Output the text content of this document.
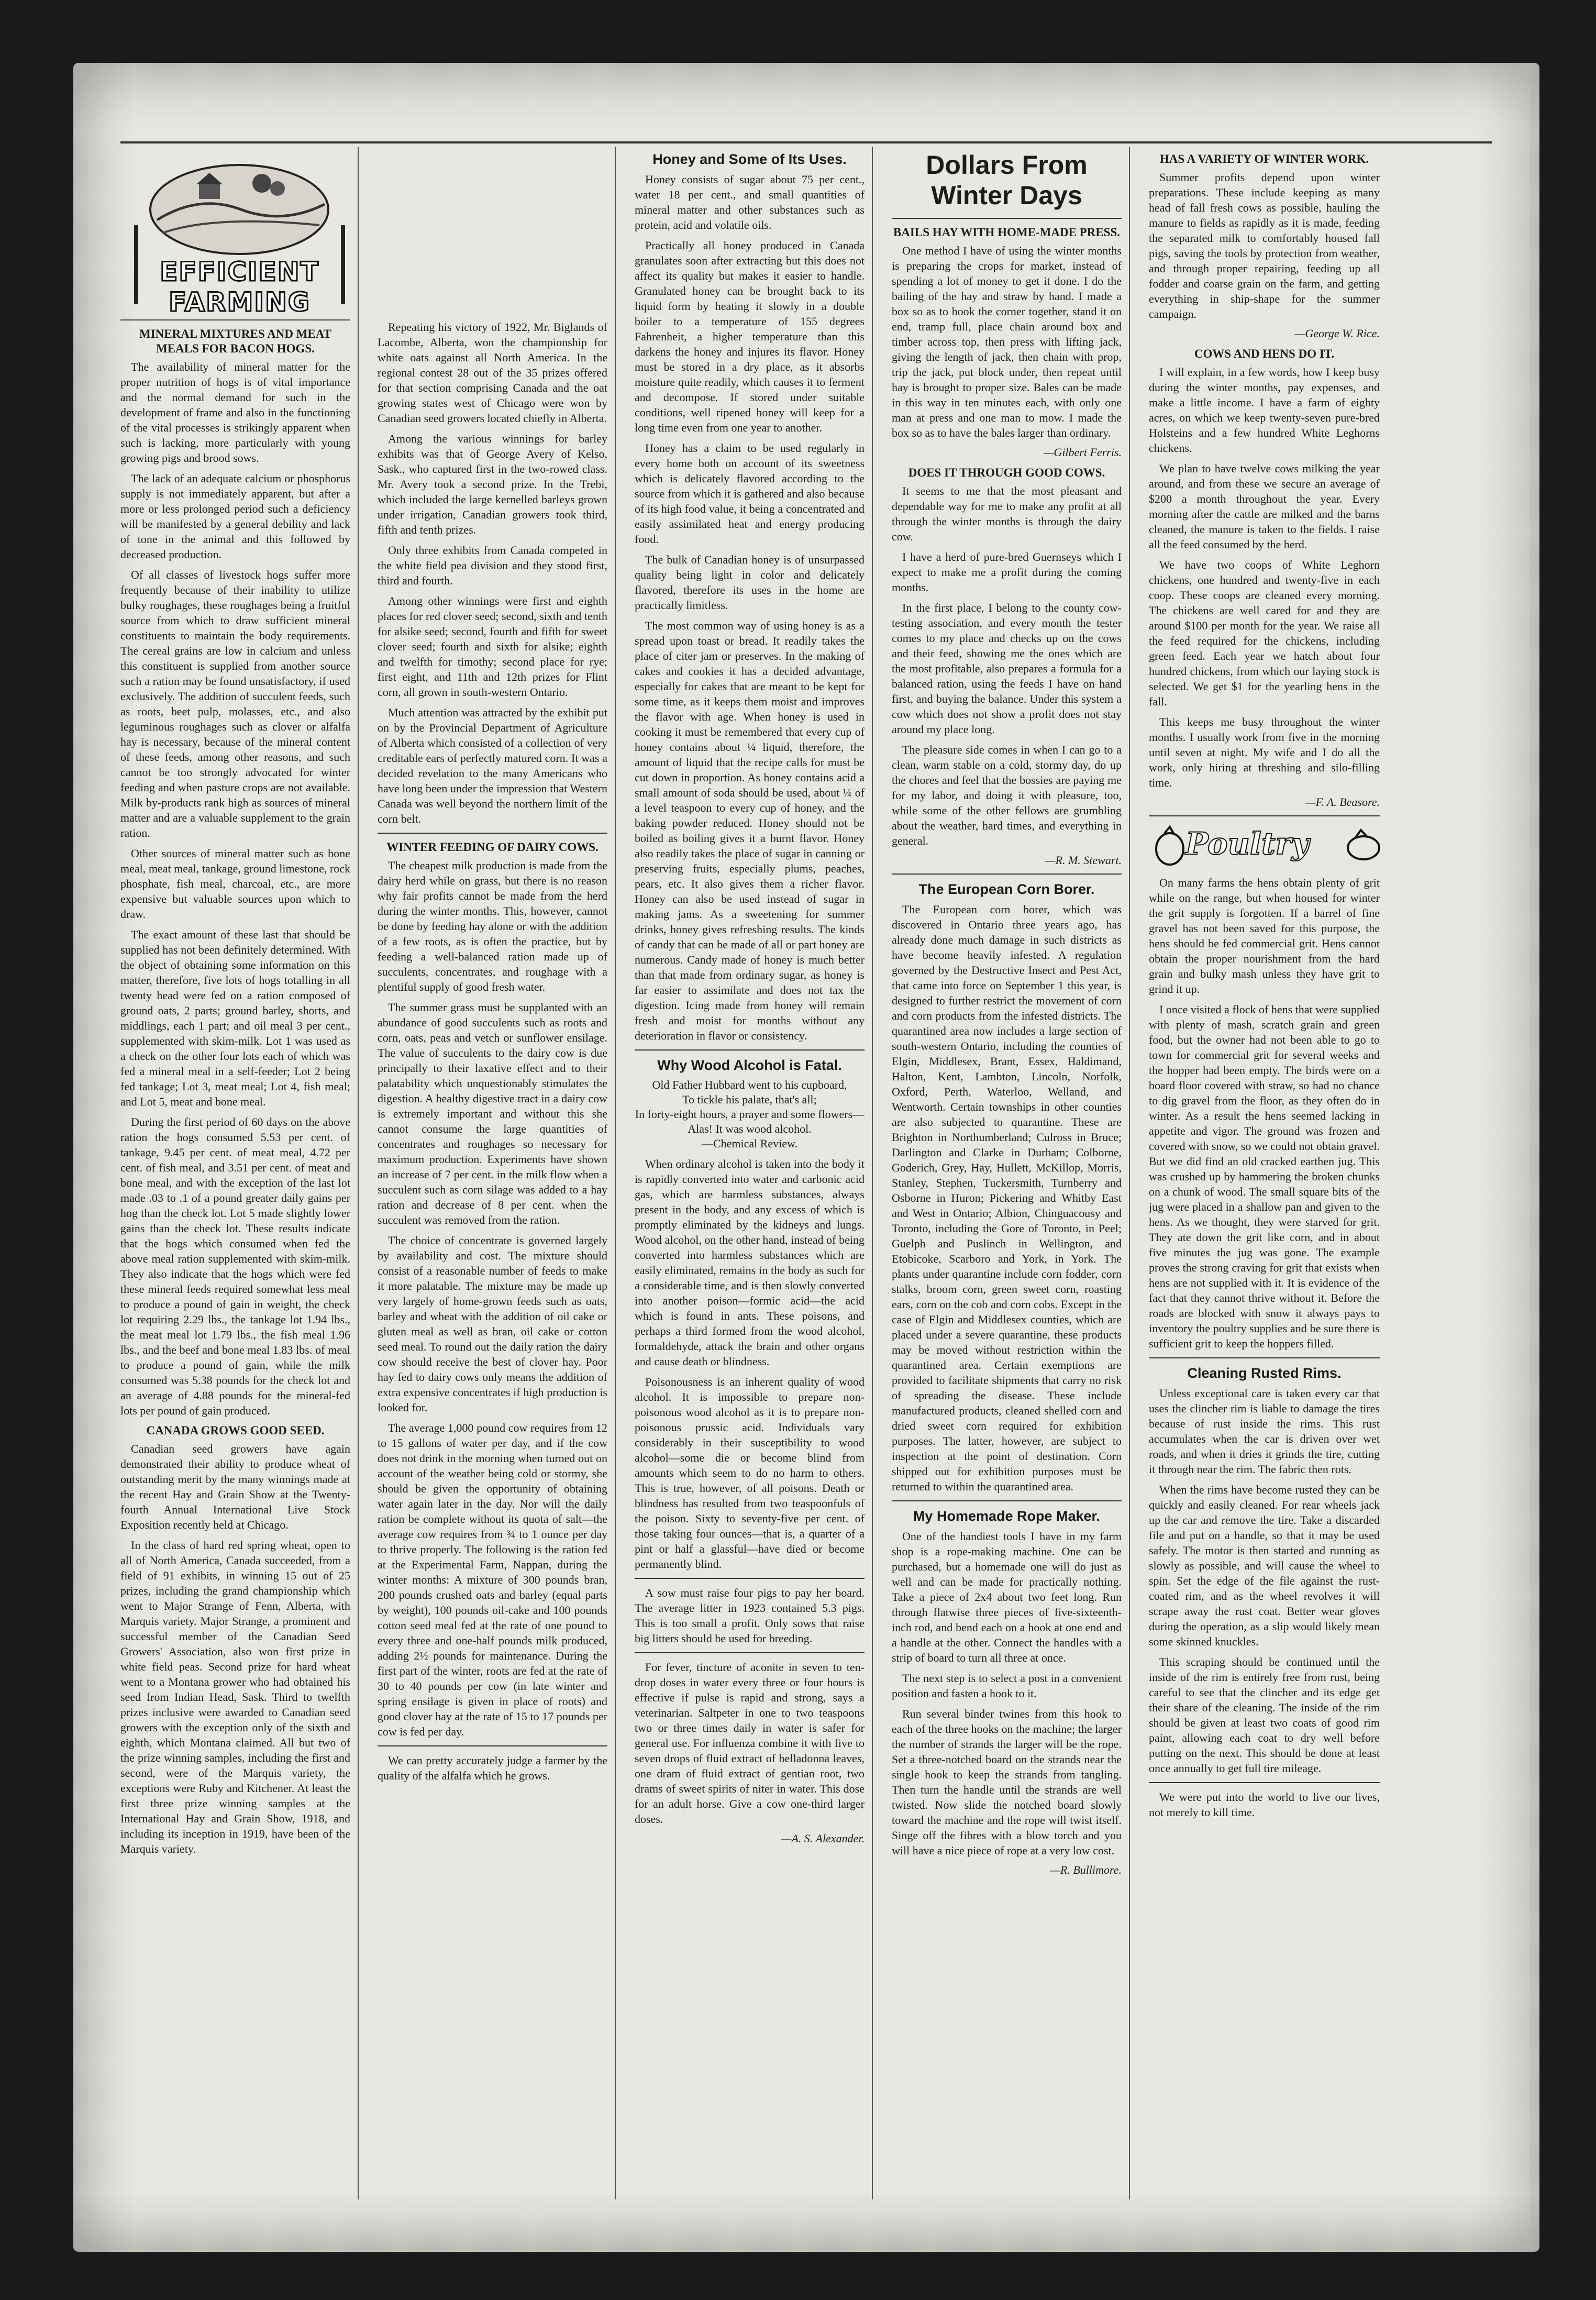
EFFICIENT FARMING
MINERAL MIXTURES AND MEAT MEALS FOR BACON HOGS.

The availability of mineral matter for the proper nutrition of hogs is of vital importance and the normal demand for such in the development of frame and also in the functioning of the vital processes is strikingly apparent when such is lacking, more particularly with young growing pigs and brood sows.

The lack of an adequate calcium or phosphorus supply is not immediately apparent, but after a more or less prolonged period such a deficiency will be manifested by a general debility and lack of tone in the animal and this followed by decreased production.

Of all classes of livestock hogs suffer more frequently because of their inability to utilize bulky roughages, these roughages being a fruitful source from which to draw sufficient mineral constituents to maintain the body requirements. The cereal grains are low in calcium and unless this constituent is supplied from another source such a ration may be found unsatisfactory, if used exclusively. The addition of succulent feeds, such as roots, beet pulp, molasses, etc., and also leguminous roughages such as clover or alfalfa hay is necessary, because of the mineral content of these feeds, among other reasons, and such cannot be too strongly advocated for winter feeding and when pasture crops are not available. Milk by-products rank high as sources of mineral matter and are a valuable supplement to the grain ration.

Other sources of mineral matter such as bone meal, meat meal, tankage, ground limestone, rock phosphate, fish meal, charcoal, etc., are more expensive but valuable sources upon which to draw.

The exact amount of these last that should be supplied has not been definitely determined. With the object of obtaining some information on this matter, therefore, five lots of hogs totalling in all twenty head were fed on a ration composed of ground oats, 2 parts; ground barley, shorts, and middlings, each 1 part; and oil meal 3 per cent., supplemented with skim-milk. Lot 1 was used as a check on the other four lots each of which was fed a mineral meal in a self-feeder; Lot 2 being fed tankage; Lot 3, meat meal; Lot 4, fish meal; and Lot 5, meat and bone meal.

During the first period of 60 days on the above ration the hogs consumed 5.53 per cent. of tankage, 9.45 per cent. of meat meal, 4.72 per cent. of fish meal, and 3.51 per cent. of meat and bone meal, and with the exception of the last lot made .03 to .1 of a pound greater daily gains per hog than the check lot. Lot 5 made slightly lower gains than the check lot. These results indicate that the hogs which consumed when fed the above meal ration supplemented with skim-milk. They also indicate that the hogs which were fed these mineral feeds required somewhat less meal to produce a pound of gain in weight, the check lot requiring 2.29 lbs., the tankage lot 1.94 lbs., the meat meal lot 1.79 lbs., the fish meal 1.96 lbs., and the beef and bone meal 1.83 lbs. of meal to produce a pound of gain, while the milk consumed was 5.38 pounds for the check lot and an average of 4.88 pounds for the mineral-fed lots per pound of gain produced.

CANADA GROWS GOOD SEED.

Canadian seed growers have again demonstrated their ability to produce wheat of outstanding merit by the many winnings made at the recent Hay and Grain Show at the Twenty-fourth Annual International Live Stock Exposition recently held at Chicago.

In the class of hard red spring wheat, open to all of North America, Canada succeeded, from a field of 91 exhibits, in winning 15 out of 25 prizes, including the grand championship which went to Major Strange of Fenn, Alberta, with Marquis variety. Major Strange, a prominent and successful member of the Canadian Seed Growers' Association, also won first prize in white field peas. Second prize for hard wheat went to a Montana grower who had obtained his seed from Indian Head, Sask. Third to twelfth prizes inclusive were awarded to Canadian seed growers with the exception only of the sixth and eighth, which Montana claimed. All but two of the prize winning samples, including the first and second, were of the Marquis variety, the exceptions were Ruby and Kitchener. At least the first three prize winning samples at the International Hay and Grain Show, 1918, and including its inception in 1919, have been of the Marquis variety.

Repeating his victory of 1922, Mr. Biglands of Lacombe, Alberta, won the championship for white oats against all North America. In the regional contest 28 out of the 35 prizes offered for that section comprising Canada and the oat growing states west of Chicago were won by Canadian seed growers located chiefly in Alberta.

Among the various winnings for barley exhibits was that of George Avery of Kelso, Sask., who captured first in the two-rowed class. Mr. Avery took a second prize. In the Trebi, which included the large kernelled barleys grown under irrigation, Canadian growers took third, fifth and tenth prizes.

Only three exhibits from Canada competed in the white field pea division and they stood first, third and fourth.

Among other winnings were first and eighth places for red clover seed; second, sixth and tenth for alsike seed; second, fourth and fifth for sweet clover seed; fourth and sixth for alsike; eighth and twelfth for timothy; second place for rye; first eight, and 11th and 12th prizes for Flint corn, all grown in south-western Ontario.

Much attention was attracted by the exhibit put on by the Provincial Department of Agriculture of Alberta which consisted of a collection of very creditable ears of perfectly matured corn. It was a decided revelation to the many Americans who have long been under the impression that Western Canada was well beyond the northern limit of the corn belt.

WINTER FEEDING OF DAIRY COWS.

The cheapest milk production is made from the dairy herd while on grass, but there is no reason why fair profits cannot be made from the herd during the winter months. This, however, cannot be done by feeding hay alone or with the addition of a few roots, as is often the practice, but by feeding a well-balanced ration made up of succulents, concentrates, and roughage with a plentiful supply of good fresh water.

The summer grass must be supplanted with an abundance of good succulents such as roots and corn, oats, peas and vetch or sunflower ensilage. The value of succulents to the dairy cow is due principally to their laxative effect and to their palatability which unquestionably stimulates the digestion. A healthy digestive tract in a dairy cow is extremely important and without this she cannot consume the large quantities of concentrates and roughages so necessary for maximum production. Experiments have shown an increase of 7 per cent. in the milk flow when a succulent such as corn silage was added to a hay ration and decrease of 8 per cent. when the succulent was removed from the ration.

The choice of concentrate is governed largely by availability and cost. The mixture should consist of a reasonable number of feeds to make it more palatable. The mixture may be made up very largely of home-grown feeds such as oats, barley and wheat with the addition of oil cake or gluten meal as well as bran, oil cake or cotton seed meal. To round out the daily ration the dairy cow should receive the best of clover hay. Poor hay fed to dairy cows only means the addition of extra expensive concentrates if high production is looked for.

The average 1,000 pound cow requires from 12 to 15 gallons of water per day, and if the cow does not drink in the morning when turned out on account of the weather being cold or stormy, she should be given the opportunity of obtaining water again later in the day. Nor will the daily ration be complete without its quota of salt—the average cow requires from ¾ to 1 ounce per day to thrive properly. The following is the ration fed at the Experimental Farm, Nappan, during the winter months: A mixture of 300 pounds bran, 200 pounds crushed oats and barley (equal parts by weight), 100 pounds oil-cake and 100 pounds cotton seed meal fed at the rate of one pound to every three and one-half pounds milk produced, adding 2½ pounds for maintenance. During the first part of the winter, roots are fed at the rate of 30 to 40 pounds per cow (in late winter and spring ensilage is given in place of roots) and good clover hay at the rate of 15 to 17 pounds per cow is fed per day.

We can pretty accurately judge a farmer by the quality of the alfalfa which he grows.

Honey and Some of Its Uses.

Honey consists of sugar about 75 per cent., water 18 per cent., and small quantities of mineral matter and other substances such as protein, acid and volatile oils.

Practically all honey produced in Canada granulates soon after extracting but this does not affect its quality but makes it easier to handle. Granulated honey can be brought back to its liquid form by heating it slowly in a double boiler to a temperature of 155 degrees Fahrenheit, a higher temperature than this darkens the honey and injures its flavor. Honey must be stored in a dry place, as it absorbs moisture quite readily, which causes it to ferment and decompose. If stored under suitable conditions, well ripened honey will keep for a long time even from one year to another.

Honey has a claim to be used regularly in every home both on account of its sweetness which is delicately flavored according to the source from which it is gathered and also because of its high food value, it being a concentrated and easily assimilated heat and energy producing food.

The bulk of Canadian honey is of unsurpassed quality being light in color and delicately flavored, therefore its uses in the home are practically limitless.

The most common way of using honey is as a spread upon toast or bread. It readily takes the place of citer jam or preserves. In the making of cakes and cookies it has a decided advantage, especially for cakes that are meant to be kept for some time, as it keeps them moist and improves the flavor with age. When honey is used in cooking it must be remembered that every cup of honey contains about ¼ liquid, therefore, the amount of liquid that the recipe calls for must be cut down in proportion. As honey contains acid a small amount of soda should be used, about ¼ of a level teaspoon to every cup of honey, and the baking powder reduced. Honey should not be boiled as boiling gives it a burnt flavor. Honey also readily takes the place of sugar in canning or preserving fruits, especially plums, peaches, pears, etc. It also gives them a richer flavor. Honey can also be used instead of sugar in making jams. As a sweetening for summer drinks, honey gives refreshing results. The kinds of candy that can be made of all or part honey are numerous. Candy made of honey is much better than that made from ordinary sugar, as honey is far easier to assimilate and does not tax the digestion. Icing made from honey will remain fresh and moist for months without any deterioration in flavor or consistency.

Why Wood Alcohol is Fatal.
Old Father Hubbard went to his cupboard,
To tickle his palate, that's all;
In forty-eight hours, a prayer and some flowers—
Alas! It was wood alcohol.
—Chemical Review.

When ordinary alcohol is taken into the body it is rapidly converted into water and carbonic acid gas, which are harmless substances, always present in the body, and any excess of which is promptly eliminated by the kidneys and lungs. Wood alcohol, on the other hand, instead of being converted into harmless substances which are easily eliminated, remains in the body as such for a considerable time, and is then slowly converted into another poison—formic acid—the acid which is found in ants. These poisons, and perhaps a third formed from the wood alcohol, formaldehyde, attack the brain and other organs and cause death or blindness.

Poisonousness is an inherent quality of wood alcohol. It is impossible to prepare non-poisonous wood alcohol as it is to prepare non-poisonous prussic acid. Individuals vary considerably in their susceptibility to wood alcohol—some die or become blind from amounts which seem to do no harm to others. This is true, however, of all poisons. Death or blindness has resulted from two teaspoonfuls of the poison. Sixty to seventy-five per cent. of those taking four ounces—that is, a quarter of a pint or half a glassful—have died or become permanently blind.

A sow must raise four pigs to pay her board. The average litter in 1923 contained 5.3 pigs. This is too small a profit. Only sows that raise big litters should be used for breeding.

For fever, tincture of aconite in seven to ten-drop doses in water every three or four hours is effective if pulse is rapid and strong, says a veterinarian. Saltpeter in one to two teaspoons two or three times daily in water is safer for general use. For influenza combine it with five to seven drops of fluid extract of belladonna leaves, one dram of fluid extract of gentian root, two drams of sweet spirits of niter in water. This dose for an adult horse. Give a cow one-third larger doses.

—A. S. Alexander.
Dollars From Winter Days
BAILS HAY WITH HOME-MADE PRESS.

One method I have of using the winter months is preparing the crops for market, instead of spending a lot of money to get it done. I do the bailing of the hay and straw by hand. I made a box so as to hook the corner together, stand it on end, tramp full, place chain around box and timber across top, then press with lifting jack, giving the length of jack, then chain with prop, trip the jack, put block under, then repeat until hay is brought to proper size. Bales can be made in this way in ten minutes each, with only one man at press and one man to mow. I made the box so as to have the bales larger than ordinary.

—Gilbert Ferris.
DOES IT THROUGH GOOD COWS.

It seems to me that the most pleasant and dependable way for me to make any profit at all through the winter months is through the dairy cow.

I have a herd of pure-bred Guernseys which I expect to make me a profit during the coming months.

In the first place, I belong to the county cow-testing association, and every month the tester comes to my place and checks up on the cows and their feed, showing me the ones which are the most profitable, also prepares a formula for a balanced ration, using the feeds I have on hand first, and buying the balance. Under this system a cow which does not show a profit does not stay around my place long.

The pleasure side comes in when I can go to a clean, warm stable on a cold, stormy day, do up the chores and feel that the bossies are paying me for my labor, and doing it with pleasure, too, while some of the other fellows are grumbling about the weather, hard times, and everything in general.

—R. M. Stewart.
The European Corn Borer.

The European corn borer, which was discovered in Ontario three years ago, has already done much damage in such districts as have become heavily infested. A regulation governed by the Destructive Insect and Pest Act, that came into force on September 1 this year, is designed to further restrict the movement of corn and corn products from the infested districts. The quarantined area now includes a large section of south-western Ontario, including the counties of Elgin, Middlesex, Brant, Essex, Haldimand, Halton, Kent, Lambton, Lincoln, Norfolk, Oxford, Perth, Waterloo, Welland, and Wentworth. Certain townships in other counties are also subjected to quarantine. These are Brighton in Northumberland; Culross in Bruce; Darlington and Clarke in Durham; Colborne, Goderich, Grey, Hay, Hullett, McKillop, Morris, Stanley, Stephen, Tuckersmith, Turnberry and Osborne in Huron; Pickering and Whitby East and West in Ontario; Albion, Chinguacousy and Toronto, including the Gore of Toronto, in Peel; Guelph and Puslinch in Wellington, and Etobicoke, Scarboro and York, in York. The plants under quarantine include corn fodder, corn stalks, broom corn, green sweet corn, roasting ears, corn on the cob and corn cobs. Except in the case of Elgin and Middlesex counties, which are placed under a severe quarantine, these products may be moved without restriction within the quarantined area. Certain exemptions are provided to facilitate shipments that carry no risk of spreading the disease. These include manufactured products, cleaned shelled corn and dried sweet corn required for exhibition purposes. The latter, however, are subject to inspection at the point of destination. Corn shipped out for exhibition purposes must be returned to within the quarantined area.

My Homemade Rope Maker.

One of the handiest tools I have in my farm shop is a rope-making machine. One can be purchased, but a homemade one will do just as well and can be made for practically nothing. Take a piece of 2x4 about two feet long. Run through flatwise three pieces of five-sixteenth-inch rod, and bend each on a hook at one end and a handle at the other. Connect the handles with a strip of board to turn all three at once.

The next step is to select a post in a convenient position and fasten a hook to it.

Run several binder twines from this hook to each of the three hooks on the machine; the larger the number of strands the larger will be the rope. Set a three-notched board on the strands near the single hook to keep the strands from tangling. Then turn the handle until the strands are well twisted. Now slide the notched board slowly toward the machine and the rope will twist itself. Singe off the fibres with a blow torch and you will have a nice piece of rope at a very low cost.

—R. Bullimore.
HAS A VARIETY OF WINTER WORK.

Summer profits depend upon winter preparations. These include keeping as many head of fall fresh cows as possible, hauling the manure to fields as rapidly as it is made, feeding the separated milk to comfortably housed fall pigs, saving the tools by protection from weather, and through proper repairing, feeding up all fodder and coarse grain on the farm, and getting everything in ship-shape for the summer campaign.

—George W. Rice.
COWS AND HENS DO IT.

I will explain, in a few words, how I keep busy during the winter months, pay expenses, and make a little income. I have a farm of eighty acres, on which we keep twenty-seven pure-bred Holsteins and a few hundred White Leghorns chickens.

We plan to have twelve cows milking the year around, and from these we secure an average of $200 a month throughout the year. Every morning after the cattle are milked and the barns cleaned, the manure is taken to the fields. I raise all the feed consumed by the herd.

We have two coops of White Leghorn chickens, one hundred and twenty-five in each coop. These coops are cleaned every morning. The chickens are well cared for and they are around $100 per month for the year. We raise all the feed required for the chickens, including green feed. Each year we hatch about four hundred chickens, from which our laying stock is selected. We get $1 for the yearling hens in the fall.

This keeps me busy throughout the winter months. I usually work from five in the morning until seven at night. My wife and I do all the work, only hiring at threshing and silo-filling time.

—F. A. Beasore.
Poultry

On many farms the hens obtain plenty of grit while on the range, but when housed for winter the grit supply is forgotten. If a barrel of fine gravel has not been saved for this purpose, the hens should be fed commercial grit. Hens cannot obtain the proper nourishment from the hard grain and bulky mash unless they have grit to grind it up.

I once visited a flock of hens that were supplied with plenty of mash, scratch grain and green food, but the owner had not been able to go to town for commercial grit for several weeks and the hopper had been empty. The birds were on a board floor covered with straw, so had no chance to dig gravel from the floor, as they often do in winter. As a result the hens seemed lacking in appetite and vigor. The ground was frozen and covered with snow, so we could not obtain gravel. But we did find an old cracked earthen jug. This was crushed up by hammering the broken chunks on a chunk of wood. The small square bits of the jug were placed in a shallow pan and given to the hens. As we thought, they were starved for grit. They ate down the grit like corn, and in about five minutes the jug was gone. The example proves the strong craving for grit that exists when hens are not supplied with it. It is evidence of the fact that they cannot thrive without it. Before the roads are blocked with snow it always pays to inventory the poultry supplies and be sure there is sufficient grit to keep the hoppers filled.

Cleaning Rusted Rims.

Unless exceptional care is taken every car that uses the clincher rim is liable to damage the tires because of rust inside the rims. This rust accumulates when the car is driven over wet roads, and when it dries it grinds the tire, cutting it through near the rim. The fabric then rots.

When the rims have become rusted they can be quickly and easily cleaned. For rear wheels jack up the car and remove the tire. Take a discarded file and put on a handle, so that it may be used safely. The motor is then started and running as slowly as possible, and will cause the wheel to spin. Set the edge of the file against the rust-coated rim, and as the wheel revolves it will scrape away the rust coat. Better wear gloves during the operation, as a slip would likely mean some skinned knuckles.

This scraping should be continued until the inside of the rim is entirely free from rust, being careful to see that the clincher and its edge get their share of the cleaning. The inside of the rim should be given at least two coats of good rim paint, allowing each coat to dry well before putting on the next. This should be done at least once annually to get full tire mileage.

We were put into the world to live our lives, not merely to kill time.
